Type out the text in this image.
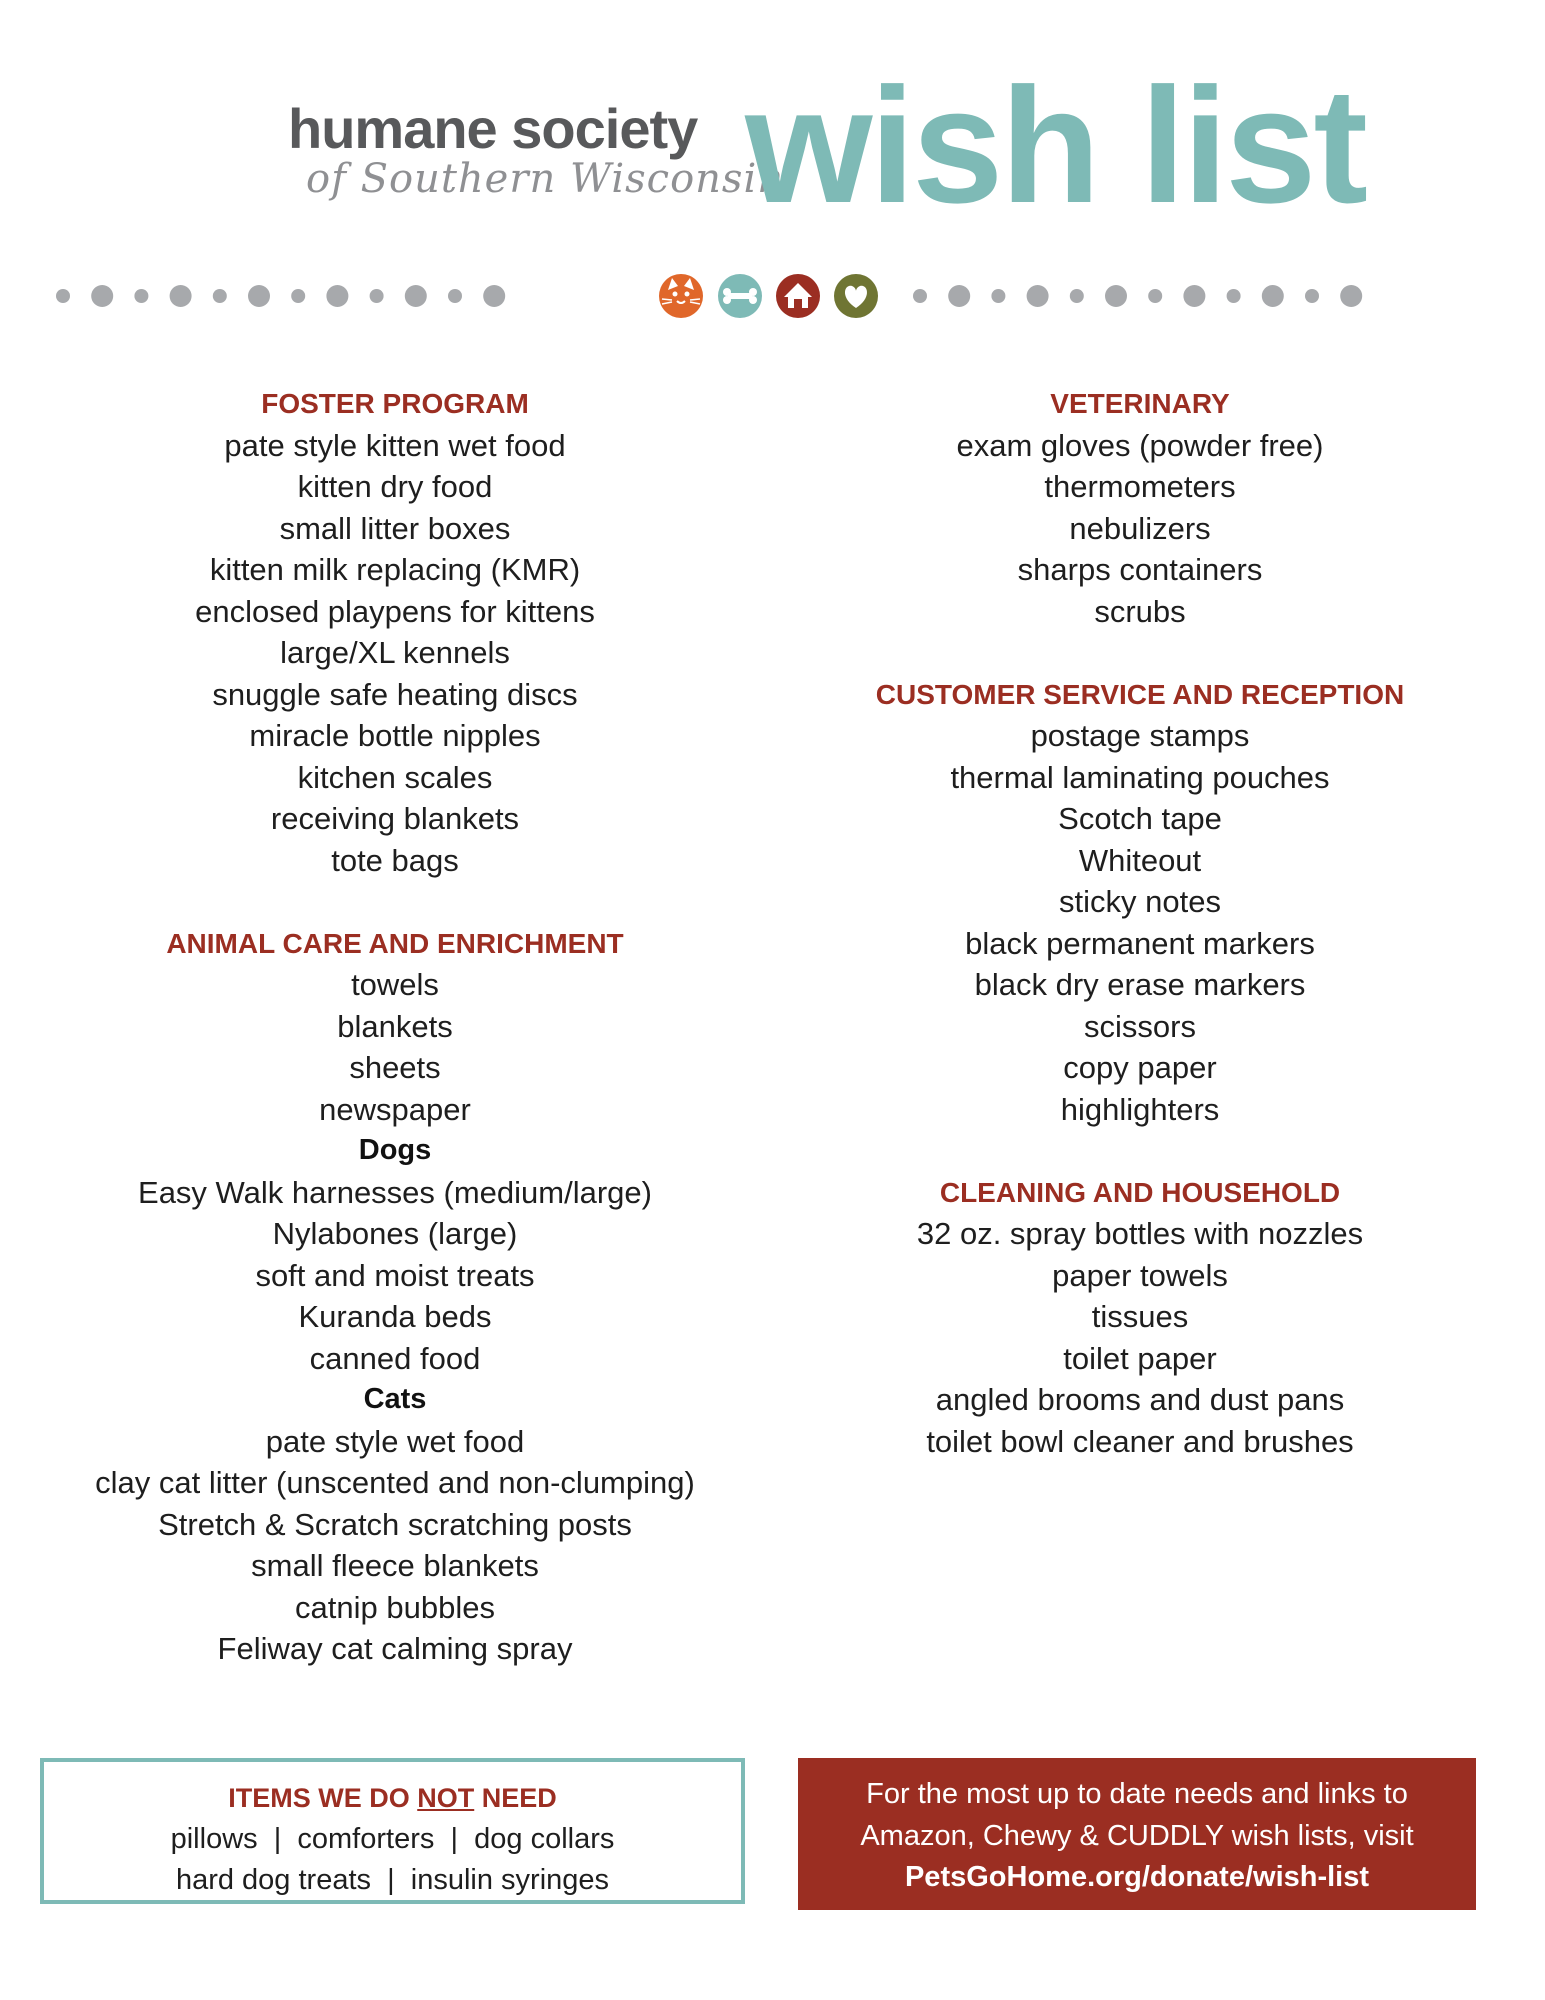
humane society
of Southern Wisconsin
wish list
FOSTER PROGRAM
pate style kitten wet food
kitten dry food
small litter boxes
kitten milk replacing (KMR)
enclosed playpens for kittens
large/XL kennels
snuggle safe heating discs
miracle bottle nipples
kitchen scales
receiving blankets
tote bags
ANIMAL CARE AND ENRICHMENT
towels
blankets
sheets
newspaper
Dogs
Easy Walk harnesses (medium/large)
Nylabones (large)
soft and moist treats
Kuranda beds
canned food
Cats
pate style wet food
clay cat litter (unscented and non-clumping)
Stretch & Scratch scratching posts
small fleece blankets
catnip bubbles
Feliway cat calming spray
VETERINARY
exam gloves (powder free)
thermometers
nebulizers
sharps containers
scrubs
CUSTOMER SERVICE AND RECEPTION
postage stamps
thermal laminating pouches
Scotch tape
Whiteout
sticky notes
black permanent markers
black dry erase markers
scissors
copy paper
highlighters
CLEANING AND HOUSEHOLD
32 oz. spray bottles with nozzles
paper towels
tissues
toilet paper
angled brooms and dust pans
toilet bowl cleaner and brushes
ITEMS WE DO NOT NEED
pillows  |  comforters  |  dog collars
hard dog treats  |  insulin syringes
For the most up to date needs and links to
Amazon, Chewy & CUDDLY wish lists, visit
PetsGoHome.org/donate/wish-list
